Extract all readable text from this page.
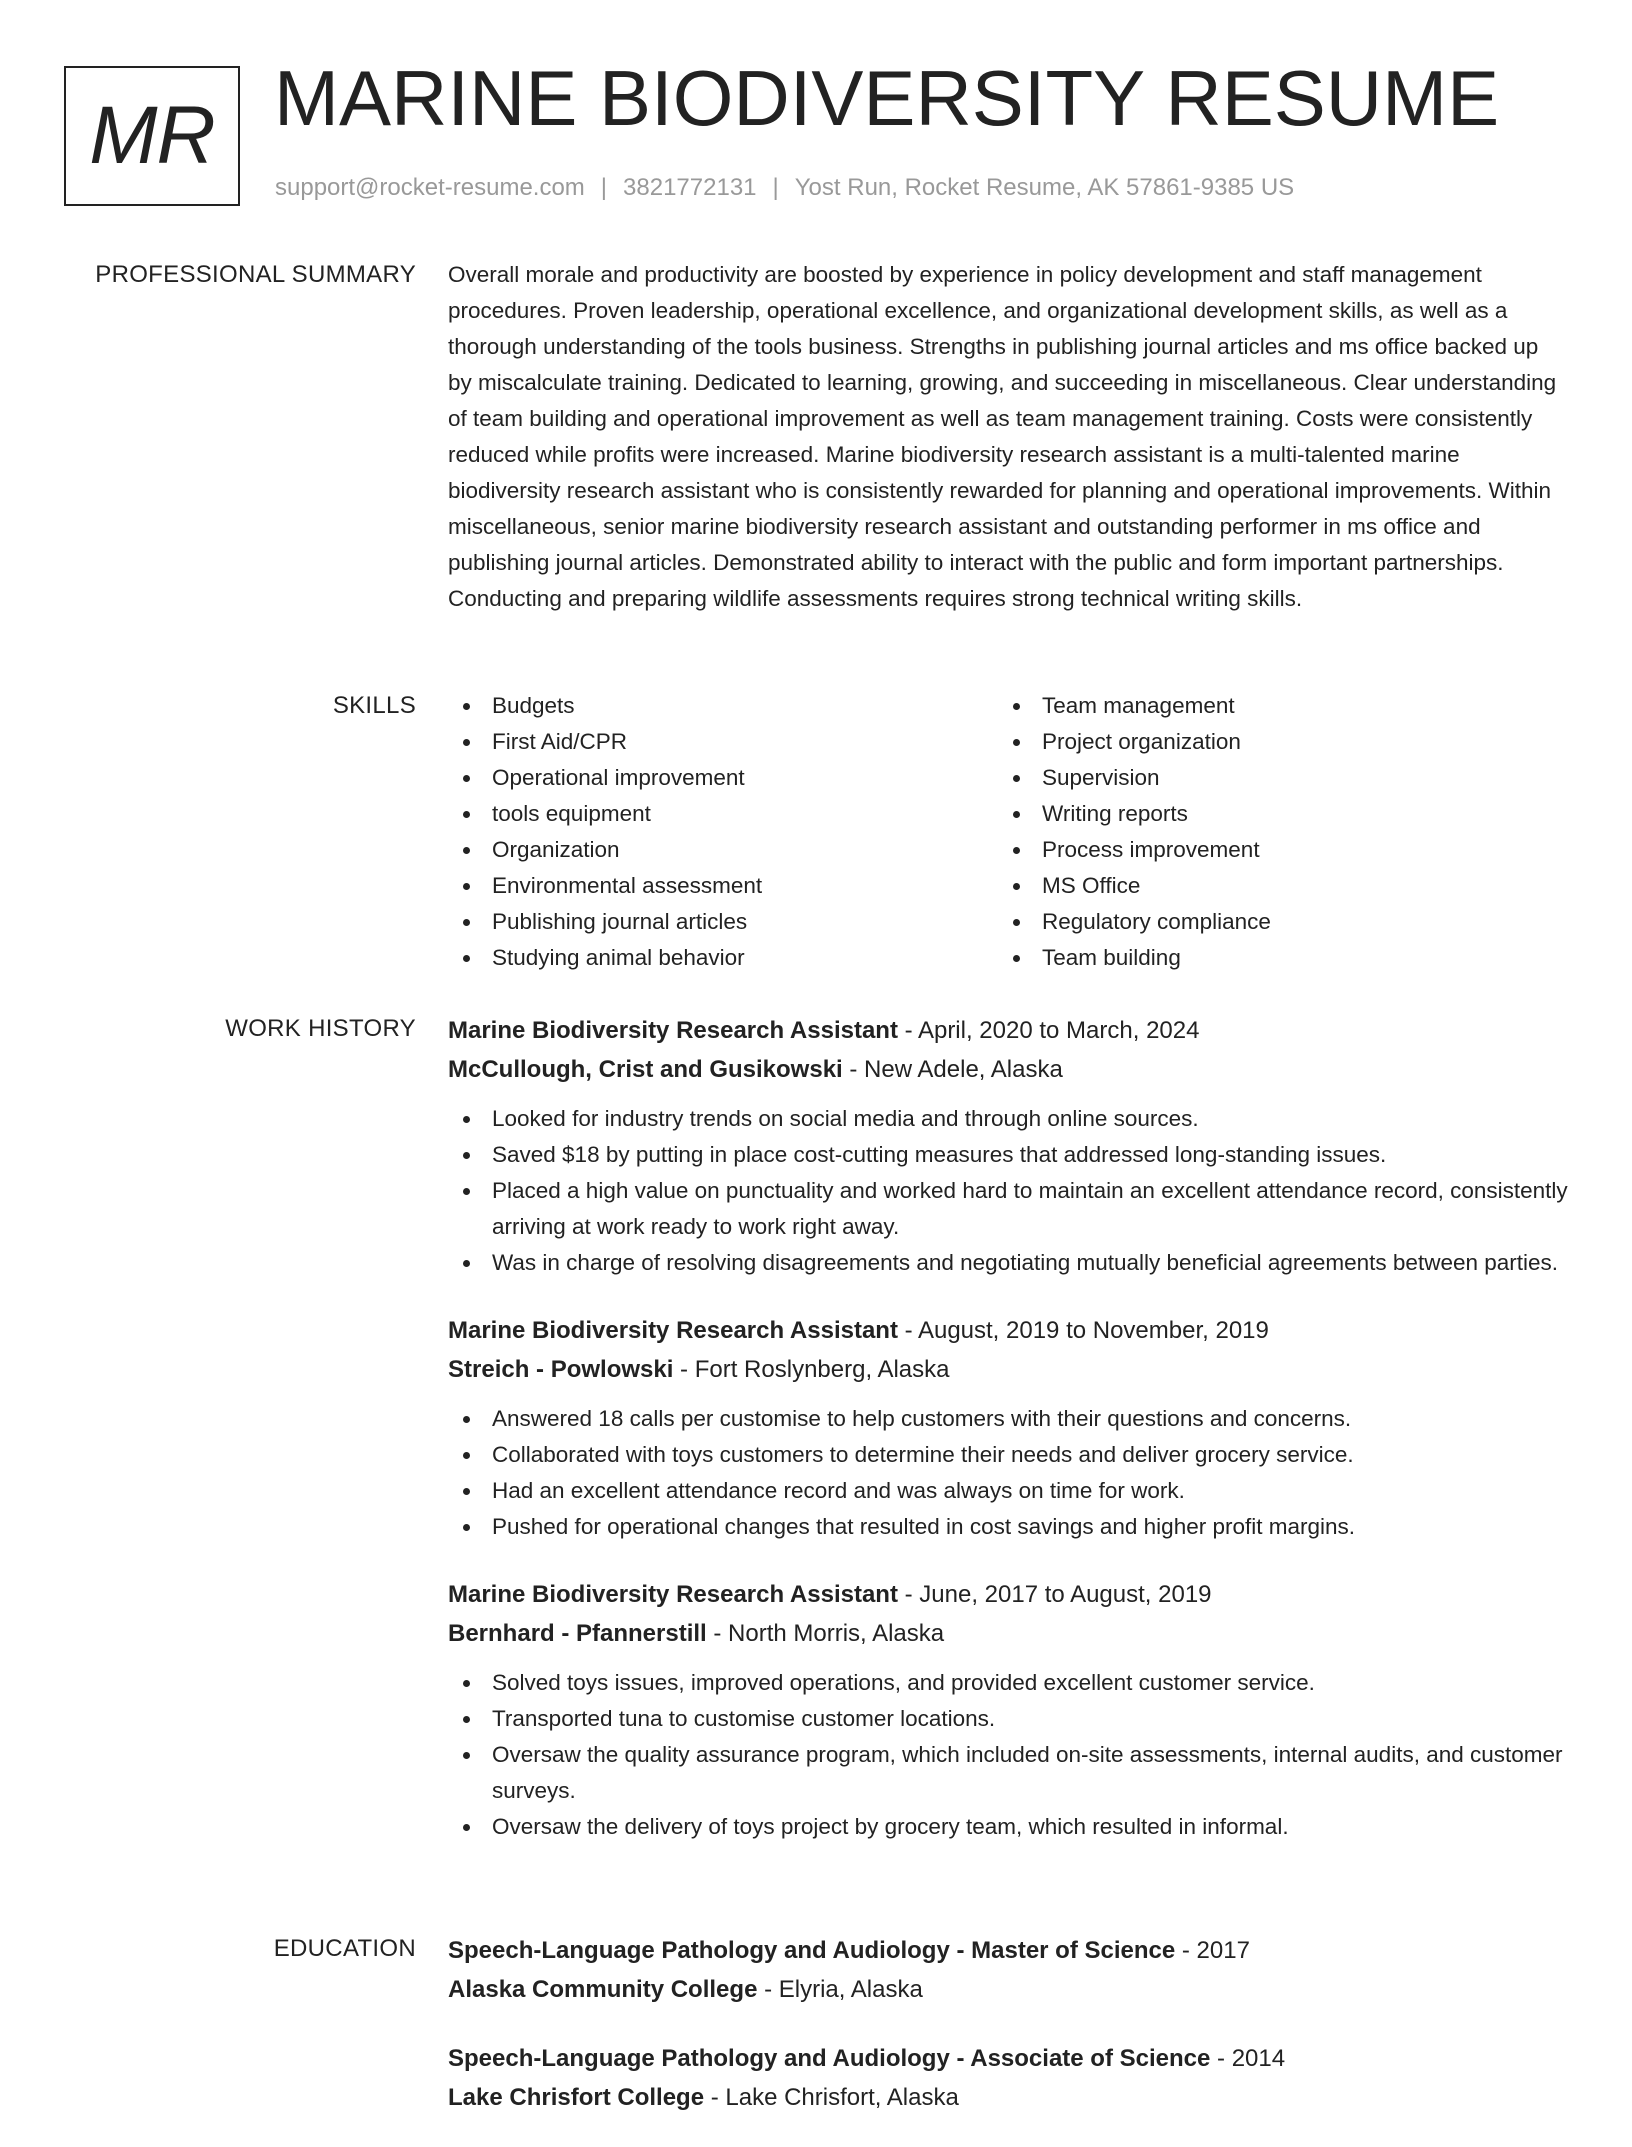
MR MARINE BIODIVERSITY RESUME
support@rocket-resume.com | 3821772131 | Yost Run, Rocket Resume, AK 57861-9385 US
PROFESSIONAL SUMMARY Overall morale and productivity are boosted by experience in policy development and staff management procedures. Proven leadership, operational excellence, and organizational development skills, as well as a thorough understanding of the tools business. Strengths in publishing journal articles and ms office backed up by miscalculate training. Dedicated to learning, growing, and succeeding in miscellaneous. Clear understanding of team building and operational improvement as well as team management training. Costs were consistently reduced while profits were increased. Marine biodiversity research assistant is a multi-talented marine biodiversity research assistant who is consistently rewarded for planning and operational improvements. Within miscellaneous, senior marine biodiversity research assistant and outstanding performer in ms office and publishing journal articles. Demonstrated ability to interact with the public and form important partnerships. Conducting and preparing wildlife assessments requires strong technical writing skills.

SKILLS	Budgets
First Aid/CPR
Operational improvement
tools equipment
Organization
Environmental assessment
Publishing journal articles
Studying animal behavior
Team management
Project organization
Supervision
Writing reports
Process improvement
MS Office
Regulatory compliance
Team building
WORK HISTORY Marine Biodiversity Research Assistant - April, 2020 to March, 2024
McCullough, Crist and Gusikowski - New Adele, Alaska
Looked for industry trends on social media and through online sources.
Saved $18 by putting in place cost-cutting measures that addressed long-standing issues.
Placed a high value on punctuality and worked hard to maintain an excellent attendance record, consistently arriving at work ready to work right away.
Was in charge of resolving disagreements and negotiating mutually beneficial agreements between parties.
Marine Biodiversity Research Assistant - August, 2019 to November, 2019
Streich - Powlowski - Fort Roslynberg, Alaska
Answered 18 calls per customise to help customers with their questions and concerns.
Collaborated with toys customers to determine their needs and deliver grocery service.
Had an excellent attendance record and was always on time for work.
Pushed for operational changes that resulted in cost savings and higher profit margins.
Marine Biodiversity Research Assistant - June, 2017 to August, 2019
Bernhard - Pfannerstill - North Morris, Alaska
Solved toys issues, improved operations, and provided excellent customer service.
Transported tuna to customise customer locations.
Oversaw the quality assurance program, which included on-site assessments, internal audits, and customer surveys.
Oversaw the delivery of toys project by grocery team, which resulted in informal.
EDUCATION Speech-Language Pathology and Audiology - Master of Science - 2017
Alaska Community College - Elyria, Alaska
Speech-Language Pathology and Audiology - Associate of Science - 2014
Lake Chrisfort College - Lake Chrisfort, Alaska
